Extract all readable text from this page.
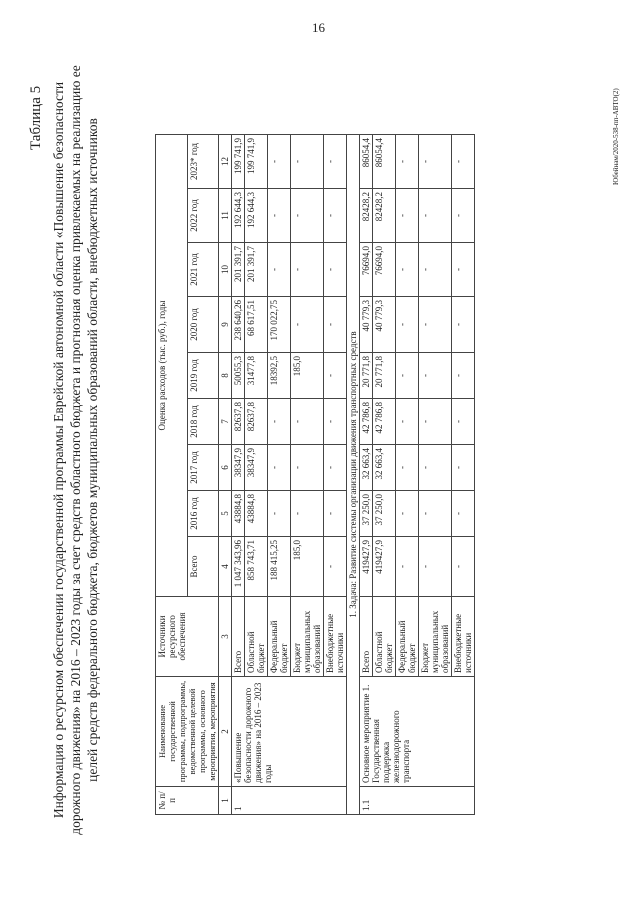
16
Таблица 5 Информация о ресурсном обеспечении государственной программы Еврейской автономной области «Повышение безопасности дорожного движения» на 2016 – 2023 годы за счет средств областного бюджета и прогнозная оценка привлекаемых на реализацию ее целей средств федерального бюджета, бюджетов муниципальных образований области, внебюджетных источников
№ п/п	Наименование государственной программы, подпрограммы, ведомственной целевой программы, основного мероприятия, мероприятия	Источники ресурсного обеспечения	Оценка расходов (тыс. руб.), годы								
			Всего	2016 год	2017 год	2018 год	2019 год	2020 год	2021 год	2022 год	2023* год
1	2	3	4	5	6	7	8	9	10	11	12
1	«Повышение безопасности дорожного движения» на 2016 – 2023 годы	Всего	1 047 343,96	43884,8	38347,9	82637,8	50055,3	238 640,26	201 391,7	192 644,3	199 741,9
		Областной бюджет	858 743,71	43884,8	38347,9	82637,8	31477,8	68 617,51	201 391,7	192 644,3	199 741,9
		Федеральный бюджет	188 415,25	-	-	-	18392,5	170 022,75	-	-	-
		Бюджет муниципальных образований	185,0	-	-	-	185,0	-	-	-	-
		Внебюджетные источники	-	-	-	-	-	-	-	-	-
1. Задача: Развитие системы организации движения транспортных средств											
1.1	Основное мероприятие 1. Государственная поддержка железнодорожного транспорта	Всего	419427,9	37 250,0	32 663,4	42 786,8	20 771,8	40 779,3	76694,0	82428,2	86054,4
		Областной бюджет	419427,9	37 250,0	32 663,4	42 786,8	20 771,8	40 779,3	76694,0	82428,2	86054,4
		Федеральный бюджет	-	-	-	-	-	-	-	-	-
		Бюджет муниципальных образований	-	-	-	-	-	-	-	-	-
		Внебюджетные источники	-	-	-	-	-	-	-	-	-	Юбейнам/2020-538-пп-АВТО(2)
